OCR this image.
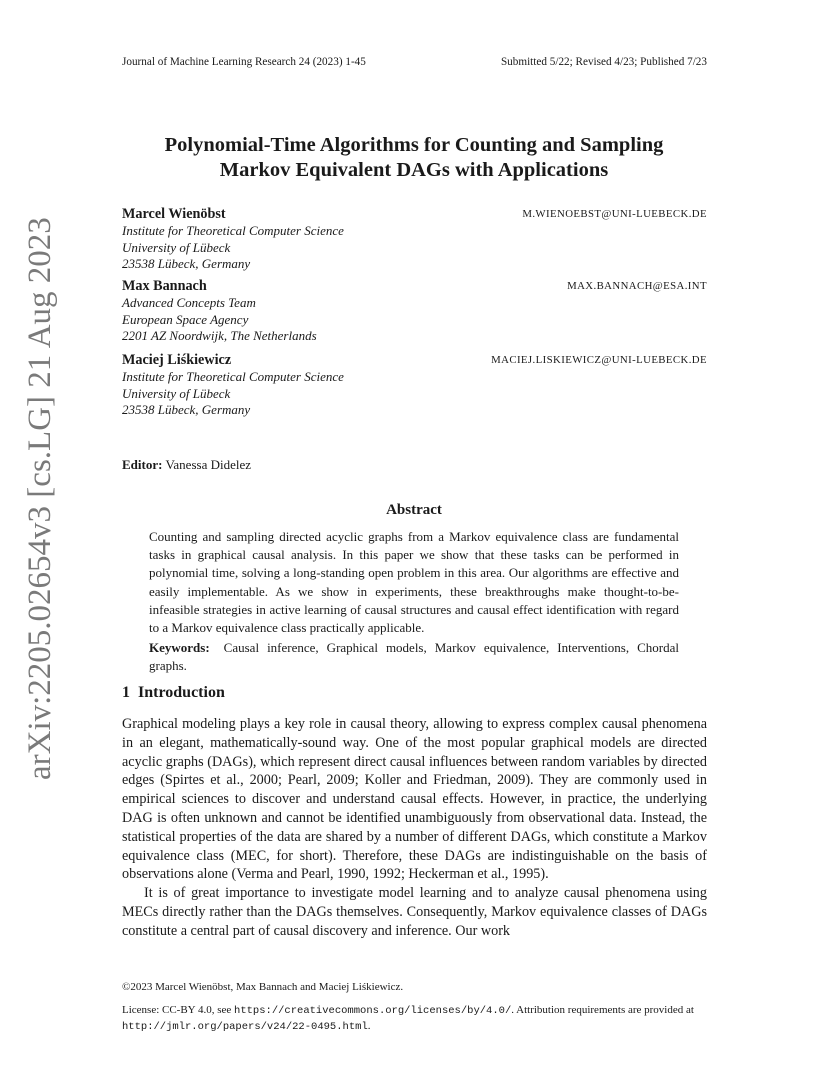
Journal of Machine Learning Research 24 (2023) 1-45	Submitted 5/22; Revised 4/23; Published 7/23
arXiv:2205.02654v3 [cs.LG] 21 Aug 2023
Polynomial-Time Algorithms for Counting and Sampling
Markov Equivalent DAGs with Applications
Marcel Wienöbst	M.WIENOEBST@UNI-LUEBECK.DE
Institute for Theoretical Computer Science
University of Lübeck
23538 Lübeck, Germany
Max Bannach	MAX.BANNACH@ESA.INT
Advanced Concepts Team
European Space Agency
2201 AZ Noordwijk, The Netherlands
Maciej Liśkiewicz	MACIEJ.LISKIEWICZ@UNI-LUEBECK.DE
Institute for Theoretical Computer Science
University of Lübeck
23538 Lübeck, Germany
Editor: Vanessa Didelez
Abstract

Counting and sampling directed acyclic graphs from a Markov equivalence class are fundamental tasks in graphical causal analysis. In this paper we show that these tasks can be performed in polynomial time, solving a long-standing open problem in this area. Our algorithms are effective and easily implementable. As we show in experiments, these breakthroughs make thought-to-be-infeasible strategies in active learning of causal structures and causal effect identification with regard to a Markov equivalence class practically applicable.

Keywords: Causal inference, Graphical models, Markov equivalence, Interventions, Chordal graphs.

1 Introduction

Graphical modeling plays a key role in causal theory, allowing to express complex causal phenomena in an elegant, mathematically-sound way. One of the most popular graphical models are directed acyclic graphs (DAGs), which represent direct causal influences between random variables by directed edges (Spirtes et al., 2000; Pearl, 2009; Koller and Friedman, 2009). They are commonly used in empirical sciences to discover and understand causal effects. However, in practice, the underlying DAG is often unknown and cannot be identified unambiguously from observational data. Instead, the statistical properties of the data are shared by a number of different DAGs, which constitute a Markov equivalence class (MEC, for short). Therefore, these DAGs are indistinguishable on the basis of observations alone (Verma and Pearl, 1990, 1992; Heckerman et al., 1995).

It is of great importance to investigate model learning and to analyze causal phenomena using MECs directly rather than the DAGs themselves. Consequently, Markov equivalence classes of DAGs constitute a central part of causal discovery and inference. Our work

©2023 Marcel Wienöbst, Max Bannach and Maciej Liśkiewicz.
License: CC-BY 4.0, see https://creativecommons.org/licenses/by/4.0/. Attribution requirements are provided at http://jmlr.org/papers/v24/22-0495.html.
